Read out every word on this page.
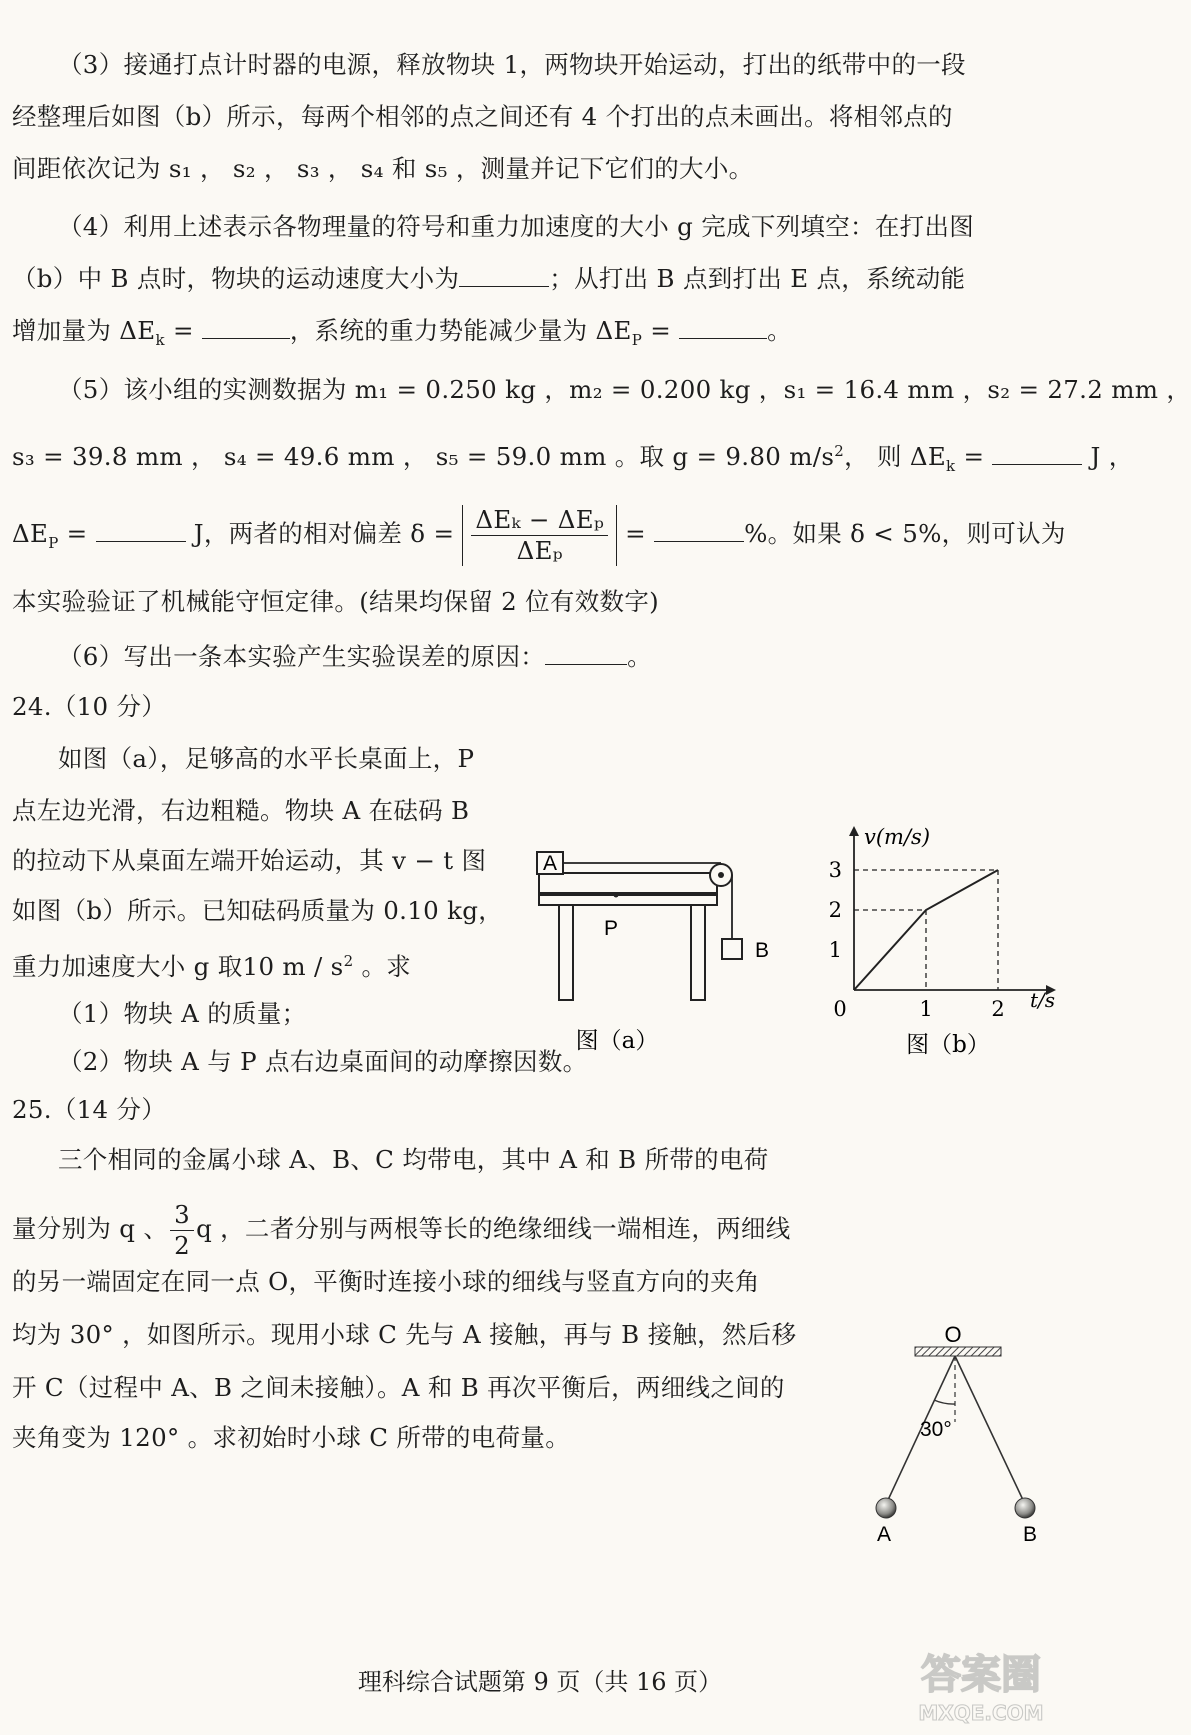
（3）接通打点计时器的电源，释放物块 1，两物块开始运动，打出的纸带中的一段
经整理后如图（b）所示，每两个相邻的点之间还有 4 个打出的点未画出。将相邻点的
间距依次记为 s₁ ， s₂ ， s₃ ， s₄ 和 s₅ ，测量并记下它们的大小。
（4）利用上述表示各物理量的符号和重力加速度的大小 g 完成下列填空：在打出图
（b）中 B 点时，物块的运动速度大小为	；从打出 B 点到打出 E 点，系统动能
增加量为 $\Delta E_k$ =	，系统的重力势能减少量为 $\Delta E_P$ =	。
（5）该小组的实测数据为 m₁ = 0.250 kg ，m₂ = 0.200 kg ，s₁ = 16.4 mm ，s₂ = 27.2 mm ，
s₃ = 39.8 mm ， s₄ = 49.6 mm ， s₅ = 59.0 mm 。取 g = 9.80 $m/s^2$， 则 $\Delta E_k$ =	J ，
$\Delta E_P$ =	J，两者的相对偏差 $\delta = \frac{\text{ΔEₖ − ΔEₚ}}{\text{ΔEₚ}}$ =	%。如果 δ < 5%，则可认为
本实验验证了机械能守恒定律。(结果均保留 2 位有效数字)
（6）写出一条本实验产生实验误差的原因：	。
24.（10 分）
如图（a），足够高的水平长桌面上，P
点左边光滑，右边粗糙。物块 A 在砝码 B
的拉动下从桌面左端开始运动，其 v − t 图
如图（b）所示。已知砝码质量为 0.10 kg，
重力加速度大小 g 取10 m / $s^2$ 。求
（1）物块 A 的质量；
（2）物块 A 与 P 点右边桌面间的动摩擦因数。
A
B
P
图（a）
v(m/s)
t/s
1
2
3
0	1	2
图（b）
25.（14 分）
三个相同的金属小球 A、B、C 均带电，其中 A 和 B 所带的电荷
量分别为 q 、 $\frac{3}{2}$ q ，二者分别与两根等长的绝缘细线一端相连，两细线
的另一端固定在同一点 O，平衡时连接小球的细线与竖直方向的夹角
均为 30° ，如图所示。现用小球 C 先与 A 接触，再与 B 接触，然后移
开 C（过程中 A、B 之间未接触）。A 和 B 再次平衡后，两细线之间的
夹角变为 120° 。求初始时小球 C 所带的电荷量。
O
30°
A	B
理科综合试题第 9 页（共 16 页）	答案圈
MXQE.COM
